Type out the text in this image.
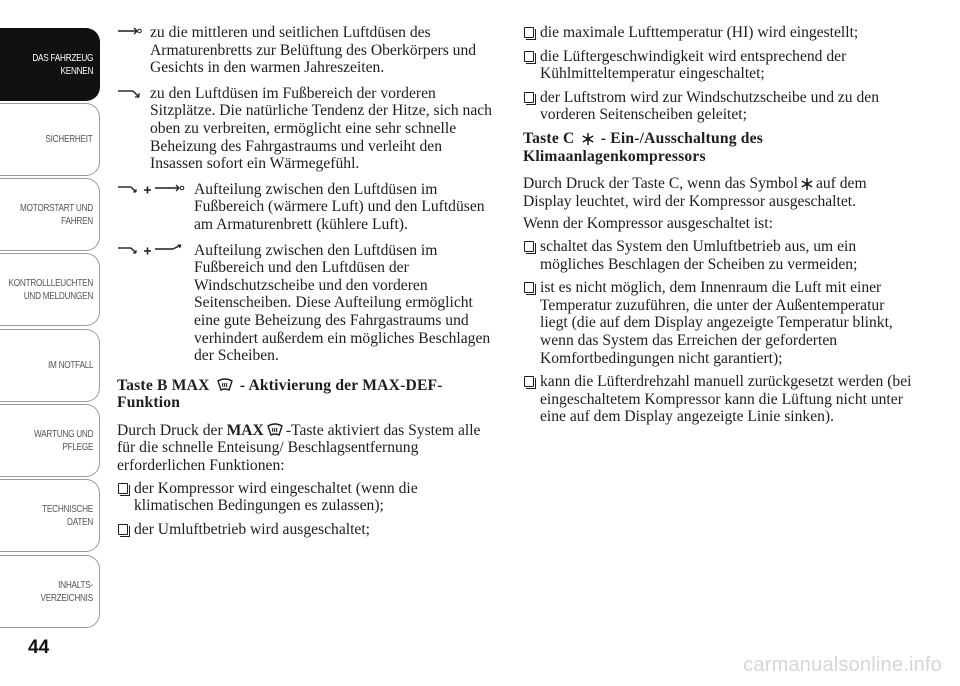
DAS FAHRZEUG
KENNEN
SICHERHEIT
MOTORSTART UND
FAHREN
KONTROLLLEUCHTEN
UND MELDUNGEN
IM NOTFALL
WARTUNG UND
PFLEGE
TECHNISCHE
DATEN
INHALTS-
VERZEICHNIS
44
zu die mittleren und seitlichen Luftdüsen des Armaturenbretts zur Belüftung des Oberkörpers und Gesichts in den warmen Jahreszeiten.
zu den Luftdüsen im Fußbereich der vorderen Sitzplätze. Die natürliche Tendenz der Hitze, sich nach oben zu verbreiten, ermöglicht eine sehr schnelle Beheizung des Fahrgastraums und verleiht den Insassen sofort ein Wärmegefühl.
Aufteilung zwischen den Luftdüsen im Fußbereich (wärmere Luft) und den Luftdüsen am Armaturenbrett (kühlere Luft).
Aufteilung zwischen den Luftdüsen im Fußbereich und den Luftdüsen der Windschutzscheibe und den vorderen Seitenscheiben. Diese Aufteilung ermöglicht eine gute Beheizung des Fahrgastraums und verhindert außerdem ein mögliches Beschlagen der Scheiben.
Taste B MAX - Aktivierung der MAX-DEF-Funktion
Durch Druck der MAX -Taste aktiviert das System alle für die schnelle Enteisung/ Beschlagsentfernung erforderlichen Funktionen:
der Kompressor wird eingeschaltet (wenn die klimatischen Bedingungen es zulassen);
der Umluftbetrieb wird ausgeschaltet;
die maximale Lufttemperatur (HI) wird eingestellt;
die Lüftergeschwindigkeit wird entsprechend der Kühlmitteltemperatur eingeschaltet;
der Luftstrom wird zur Windschutzscheibe und zu den vorderen Seitenscheiben geleitet;
Taste C - Ein-/Ausschaltung des Klimaanlagenkompressors
Durch Druck der Taste C, wenn das Symbol auf dem Display leuchtet, wird der Kompressor ausgeschaltet.
Wenn der Kompressor ausgeschaltet ist:
schaltet das System den Umluftbetrieb aus, um ein mögliches Beschlagen der Scheiben zu vermeiden;
ist es nicht möglich, dem Innenraum die Luft mit einer Temperatur zuzuführen, die unter der Außentemperatur liegt (die auf dem Display angezeigte Temperatur blinkt, wenn das System das Erreichen der geforderten Komfortbedingungen nicht garantiert);
kann die Lüfterdrehzahl manuell zurückgesetzt werden (bei eingeschaltetem Kompressor kann die Lüftung nicht unter eine auf dem Display angezeigte Linie sinken).
carmanualsonline.info
